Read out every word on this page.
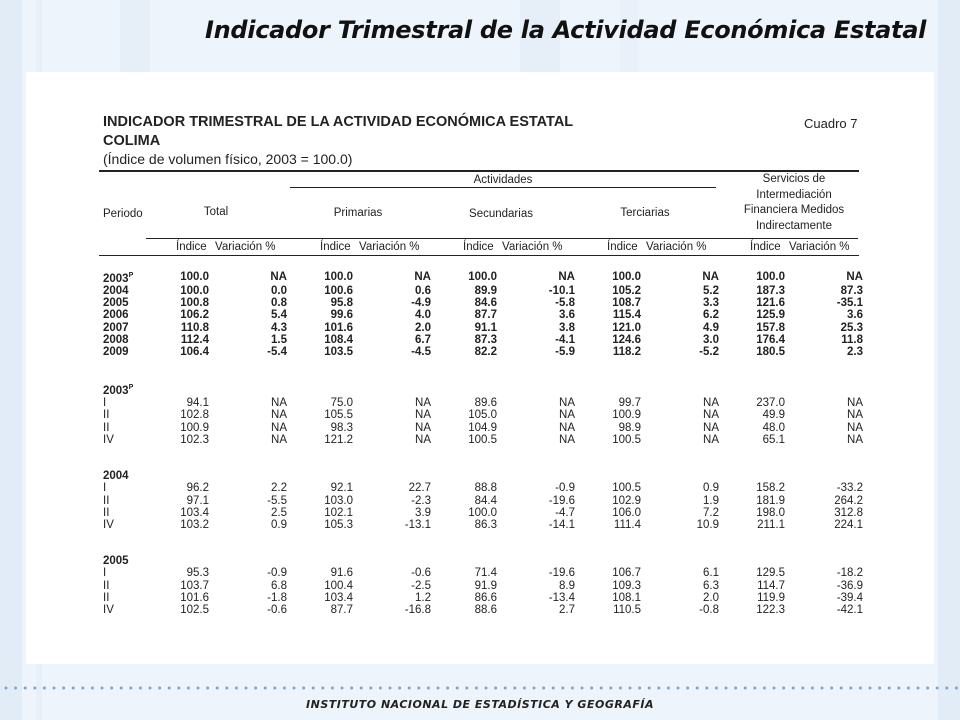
Indicador Trimestral de la Actividad Económica Estatal
INDICADOR TRIMESTRAL DE LA ACTIVIDAD ECONÓMICA ESTATAL
COLIMA
(Índice de volumen físico, 2003 = 100.0)
Cuadro 7
Actividades
Periodo	Total	Primarias	Secundarias	Terciarias
Servicios de
Intermediación
Financiera Medidos
Indirectamente
Índice Variación %	Índice Variación %	Índice Variación %	Índice Variación %	Índice Variación %
$2003^P$	100.0	NA	100.0	NA	100.0	NA	100.0	NA	100.0	NA
2004	100.0	0.0	100.6	0.6	89.9	-10.1	105.2	5.2	187.3	87.3
2005	100.8	0.8	95.8	-4.9	84.6	-5.8	108.7	3.3	121.6	-35.1
2006	106.2	5.4	99.6	4.0	87.7	3.6	115.4	6.2	125.9	3.6
2007	110.8	4.3	101.6	2.0	91.1	3.8	121.0	4.9	157.8	25.3
2008	112.4	1.5	108.4	6.7	87.3	-4.1	124.6	3.0	176.4	11.8
2009	106.4	-5.4	103.5	-4.5	82.2	-5.9	118.2	-5.2	180.5	2.3

$2003^P$										
I	94.1	NA	75.0	NA	89.6	NA	99.7	NA	237.0	NA
II	102.8	NA	105.5	NA	105.0	NA	100.9	NA	49.9	NA
II	100.9	NA	98.3	NA	104.9	NA	98.9	NA	48.0	NA
IV	102.3	NA	121.2	NA	100.5	NA	100.5	NA	65.1	NA

2004										
I	96.2	2.2	92.1	22.7	88.8	-0.9	100.5	0.9	158.2	-33.2
II	97.1	-5.5	103.0	-2.3	84.4	-19.6	102.9	1.9	181.9	264.2
II	103.4	2.5	102.1	3.9	100.0	-4.7	106.0	7.2	198.0	312.8
IV	103.2	0.9	105.3	-13.1	86.3	-14.1	111.4	10.9	211.1	224.1

2005										
I	95.3	-0.9	91.6	-0.6	71.4	-19.6	106.7	6.1	129.5	-18.2
II	103.7	6.8	100.4	-2.5	91.9	8.9	109.3	6.3	114.7	-36.9
II	101.6	-1.8	103.4	1.2	86.6	-13.4	108.1	2.0	119.9	-39.4
IV	102.5	-0.6	87.7	-16.8	88.6	2.7	110.5	-0.8	122.3	-42.1
INSTITUTO NACIONAL DE ESTADÍSTICA Y GEOGRAFÍA
